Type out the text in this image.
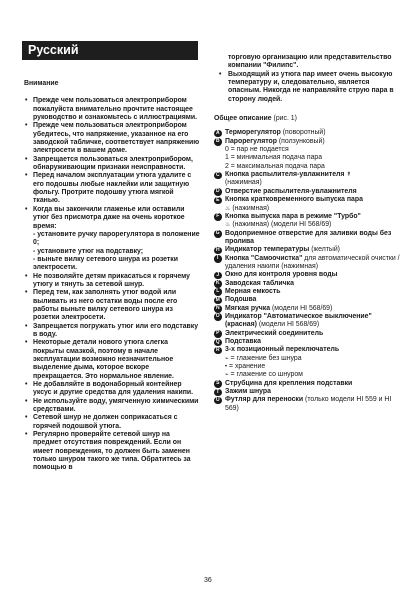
Русский
Внимание
• Прежде чем пользоваться электроприбором пожалуйста внимательно прочтите настоящее руководство и ознакомьтесь с иллюстрациями.
• Прежде чем пользоваться электроприбором убедитесь, что напряжение, указанное на его заводской табличке, соответствует напряжению электросети в вашем доме.
• Запрещается пользоваться электроприбором, обнаруживающим признаки неисправности.
• Перед началом эксплуатации утюга удалите с его подошвы любые наклейки или защитную фольгу. Протрите подошву утюга мягкой тканью.
• Когда вы закончили глаженье или оставили утюг без присмотра даже на очень короткое время:
- установите ручку парорегулятора в положение 0;
- установите утюг на подставку;
- выньте вилку сетевого шнура из розетки электросети.
• Не позволяйте детям прикасаться к горячему утюгу и тянуть за сетевой шнур.
• Перед тем, как заполнять утюг водой или выливать из него остатки воды после его работы выньте вилку сетевого шнура из розетки электросети.
• Запрещается погружать утюг или его подставку в воду.
• Некоторые детали нового утюга слегка покрыты смазкой, поэтому в начале эксплуатации возможно незначительное выделение дыма, которое вскоре прекращается. Это нормальное явление.
• Не добавляйте в водонаборный контейнер уксус и другие средства для удаления накипи.
• Не используйте воду, умягченную химическими средствами.
• Сетевой шнур не должен соприкасаться с горячей подошвой утюга.
• Регулярно проверяйте сетевой шнур на предмет отсутствия повреждений. Если он имеет повреждения, то должен быть заменен только шнуром такого же типа. Обратитесь за помощью в
торговую организацию или представительство компании "Филипс".
• Выходящий из утюга пар имеет очень высокую температуру и, следовательно, является опасным. Никогда не направляйте струю пара в сторону людей.
Общее описание (рис. 1)
A Терморегулятор (поворотный)
B Парорегулятор (ползунковый)
0 = пар не подается
1 = минимальная подача пара
2 = максимальная подача пара
C Кнопка распылителя-увлажнителя ↟
(нажимная)
D Отверстие распылителя-увлажнителя
E Кнопка кратковременного выпуска пара
♨ (нажимная)
F Кнопка выпуска пара в режиме "Турбо"
♨ (нажимная) (модели HI 568/69)
G Водоприемное отверстие для заливки воды без пролива
H Индикатор температуры (желтый)
I Кнопка "Самоочистка" для автоматической очистки / удаления накипи (нажимная)
J Окно для контроля уровня воды
K Заводская табличка
L Мерная емкость
M Подошва
N Мягкая ручка (модели HI 568/69)
O Индикатор "Автоматическое выключение" (красная) (модели HI 568/69)
P Электрический соединитель
Q Подставка
R 3-х позиционный переключатель
⌁ = глажение без шнура
• = хранение
⌁ = глажение со шнуром
S Струбцина для крепления подставки
T Зажим шнура
U Футляр для переноски (только модели HI 559 и HI 569)
36
